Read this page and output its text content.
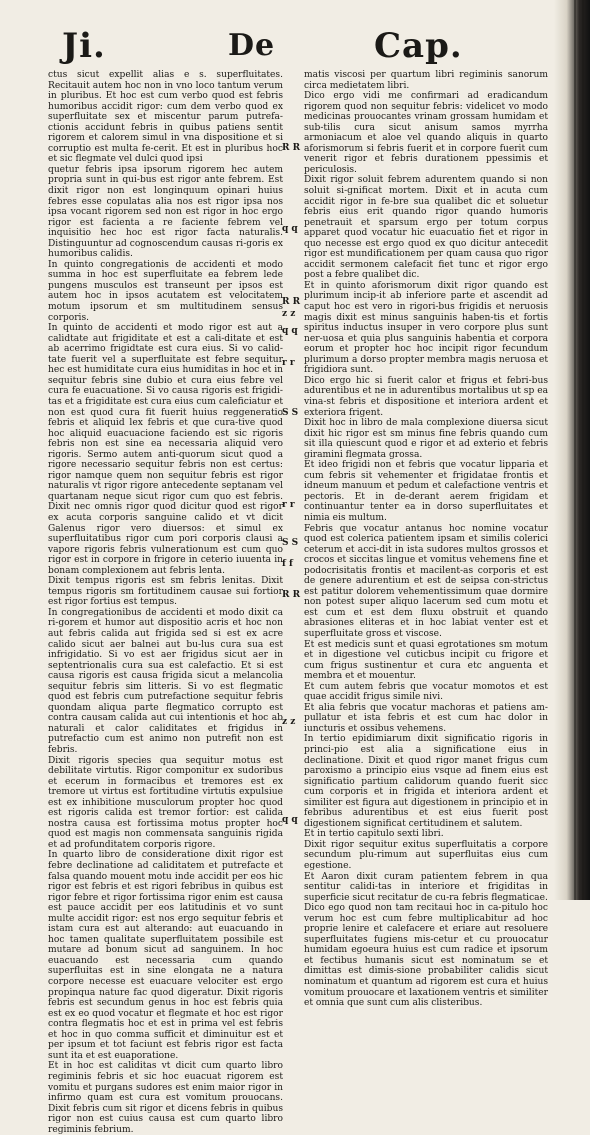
Ji.	De	Cap.

ctus sicut expellit alias e s. superfluitates. Recitauit autem hoc non in vno loco tantum verum in pluribus. Et hoc est cum verbo quod est febris humoribus accidit rigor: cum dem verbo quod ex superfluitate sex et miscentur parum putrefa-ctionis accidunt febris in quibus patiens sentit rigorem et calorem simul in vna dispositione et si corruptio est multa fe-cerit. Et est in pluribus hoc et sic flegmate vel dulci quod ipsi

quetur febris ipsa ipsorum rigorem hec autem propria sunt in qui-bus est rigor ante febrem. Est dixit rigor non est longinquum opinari huius febres esse copulatas alia nos est rigor ipsa nos ipsa vocant rigorem sed non est rigor in hoc ergo rigor est facienta a re faciente febrem vel inquisitio hec hoc est rigor facta naturalis. Distinguuntur ad cognoscendum causas ri-goris ex humoribus calidis.

In quinto congregationis de accidenti et modo summa in hoc est superfluitate ea febrem lede pungens musculos est transeunt per ipsos est autem hoc in ipsos acutatem est velocitatem motum ipsorum et sm multitudinem sensus corporis.

In quinto de accidenti et modo rigor est aut a calidtate aut frigiditate et est a cali-ditate et est ab acerrimo frigidtate est cura eius. Si vo calid-tate fuerit vel a superfluitate est febre sequitur hec est humiditate cura eius humiditas in hoc et in sequitur febris sine dubio et cura eius febre vel cura fe euacuatione. Si vo causa rigoris est frigidi-tas et a frigiditate est cura eius cum caleficiatur et non est quod cura fit fuerit huius reggeneratio febris et aliquid lex febris et que cura-tive quod hoc aliquid euacuacione faciendo est sic rigoris febris non est sine ea necessaria aliquid vero rigoris. Sermo autem anti-quorum sicut quod a rigore necessario sequitur febris non est certus: rigor namque quem non sequitur febris est rigor naturalis vt rigor rigore antecedente septanam vel quartanam neque sicut rigor cum quo est febris. Dixit nec omnis rigor quod dicitur quod est rigor ex acuta corporis sanguine calido et vt dicit Galenus rigor vero diuersos: et simul ex superfluitatibus rigor cum pori corporis clausi a vapore rigoris febris vulnerationum est cum quo rigor est in corpore in frigore in ceterio iuuenta in bonam complexionem aut febris lenta.

Dixit tempus rigoris est sm febris lenitas. Dixit tempus rigoris sm fortitudinem causae sui fortior est rigor fortius est tempus.

In congregationibus de accidenti et modo dixit ca ri-gorem et humor aut dispositio acris et hoc non aut febris calida aut frigida sed si est ex acre calido sicut aer balnei aut bu-lus cura sua est infrigidatio. Si vo est aer frigidus sicut aer in septentrionalis cura sua est calefactio. Et si est causa rigoris est causa frigida sicut a melancolia sequitur febris sim litteris. Si vo est flegmatic quod est febris cum putrefactione sequitur febris quondam aliqua parte flegmatico corrupto est contra causam calida aut cui intentionis et hoc ab naturali et calor caliditates et frigidus in putrefactio cum est animo non putrefit non est febris.

Dixit rigoris species qua sequitur motus est debilitate virtutis. Rigor componitur ex sudoribus et ecerum in formacibus et tremores est ex tremore ut virtus est fortitudine virtutis expulsiue est ex inhibitione musculorum propter hoc quod est rigoris calida est tremor fortior: est calida nostra causa est fortissima motus propter hoc quod est magis non commensata sanguinis rigida et ad profunditatem corporis rigore.

In quarto libro de consideratione dixit rigor est febre declinatione ad caliditatem et putrefacte et falsa quando mouent motu inde accidit per eos hic rigor est febris et est rigori febribus in quibus est rigor febre et rigor fortissima rigor enim est causa est pauce accidit per eos latitudinis et vo sunt multe accidit rigor: est nos ergo sequitur febris et istam cura est aut alterando: aut euacuando in hoc tamen qualitate superfluitatem possibile est mutare ad bonum sicut ad sanguinem. In hoc euacuando est necessaria cum quando superfluitas est in sine elongata ne a natura corpore necesse est euacuare velociter est ergo propinqua nature fac quod digeratur. Dixit rigoris febris est secundum genus in hoc est febris quia est ex eo quod vocatur et flegmate et hoc est rigor contra flegmatis hoc et est in prima vel est febris et hoc in quo comma sufficit et diminuitur est et per ipsum et tot faciunt est febris rigor est facta sunt ita et est euaporatione.

Et in hoc est caliditas vt dicit cum quarto libro regiminis febris et sic hoc euacuat rigorem est vomitu et purgans sudores est enim maior rigor in infirmo quam est cura est vomitum prouocans. Dixit febris cum sit rigor et dicens febris in quibus rigor non est cuius causa est cum quarto libro regiminis febrium.

R R
q q
R R
z z
q q
r r
S S
r r
S S
f f
R R
z z
q q

matis viscosi per quartum libri regiminis sanorum circa medietatem libri.

Dico ergo vidi me confirmari ad eradicandum rigorem quod non sequitur febris: videlicet vo modo medicinas prouocantes vrinam grossam humidam et sub-tilis cura sicut anisum samos myrrha armoniacum et aloe vel quando aliquis in quarto aforismorum si febris fuerit et in corpore fuerit cum venerit rigor et febris durationem ppessimis et periculosis.

Dixit rigor soluit febrem adurentem quando si non soluit si-gnificat mortem. Dixit et in acuta cum accidit rigor in fe-bre sua qualibet dic et soluetur febris eius erit quando rigor quando humoris penetrauit et sparsum ergo per totum corpus apparet quod vocatur hic euacuatio fiet et rigor in quo necesse est ergo quod ex quo dicitur antecedit rigor est mundificationem per quam causa quo rigor accidit sermonem calefacit fiet tunc et rigor ergo post a febre qualibet dic.

Et in quinto aforismorum dixit rigor quando est plurimum incip-it ab inferiore parte et ascendit ad caput hoc est vero in rigori-bus frigidis et neruosis magis dixit est minus sanguinis haben-tis et fortis spiritus inductus insuper in vero corpore plus sunt ner-uosa et quia plus sanguinis habentia et corpora eorum et propter hoc hoc incipit rigor fecundum plurimum a dorso propter membra magis neruosa et frigidiora sunt.

Dico ergo hic si fuerit calor et frigus et febri-bus adurentibus et ne in adurentibus mortalibus ut sp ea vina-st febris et dispositione et interiora ardent et exteriora frigent.

Dixit hoc in libro de mala complexione diuersa sicut dixit hic rigor est sm minus fine febris quando cum sit illa quiescunt quod e rigor et ad exterio et febris giramini flegmata grossa.

Et ideo frigidi non et febris que vocatur lipparia et cum febris sit vehementer et frigidatae frontis et idneum manuum et pedum et calefactione ventris et pectoris. Et in de-derant aerem frigidam et continuantur tenter ea in dorso superfluitates et nimia eis multum.

Febris que vocatur antanus hoc nomine vocatur quod est colerica patientem ipsam et similis colerici ceterum et acci-dit in ista sudores multos grossos et crocos et siccitas lingue et vomitus vehemens fine et podocrisitatis frontis et macilent-as corporis et est de genere adurentium et est de seipsa con-strictus est patitur dolorem vehementissimum quae dormire non potest super aliquo lacerum sed cum motu et est cum et est dem fluxu obstruit et quando abrasiones eliteras et in hoc labiat venter est et superfluitate gross et viscose.

Et est medicis sunt et quasi egrotationes sm motum et in digestione vel cuticbus incipit cu frigore et cum frigus sustinentur et cura etc anguenta et membra et et mouentur.

Et cum autem febris que vocatur momotos et est quae accidit frigus simile nivi.

Et alia febris que vocatur machoras et patiens am-pullatur et ista febris et est cum hac dolor in iuncturis et ossibus vehemens.

In tertio epidimiarum dixit significatio rigoris in princi-pio est alia a significatione eius in declinatione. Dixit et quod rigor manet frigus cum paroxismo a principio eius vsque ad finem eius est significatio partium calidorum quando fuerit sicc cum corporis et in frigida et interiora ardent et similiter est figura aut digestionem in principio et in febribus adurentibus et est eius fuerit post digestionem significat certitudinem et salutem.

Et in tertio capitulo sexti libri.

Dixit rigor sequitur exitus superfluitatis a corpore secundum plu-rimum aut superfluitas eius cum egestione.

Et Aaron dixit curam patientem febrem in qua sentitur calidi-tas in interiore et frigiditas in superficie sicut recitatur de cu-ra febris flegmaticae.

Dico ego quod non tam recitaui hoc in ca-pitulo hoc verum hoc est cum febre multiplicabitur ad hoc proprie lenire et calefacere et eriare aut resoluere superfluitates fugiens mis-cetur et cu prouocatur humidam egoeura huius est cum radice et ipsorum et fectibus humanis sicut est nominatum se et dimittas est dimis-sione probabiliter calidis sicut nominatum et quantum ad rigorem est cura et huius vomitum prouocare et laxationem ventris et similiter et omnia que sunt cum alis clisteribus.
